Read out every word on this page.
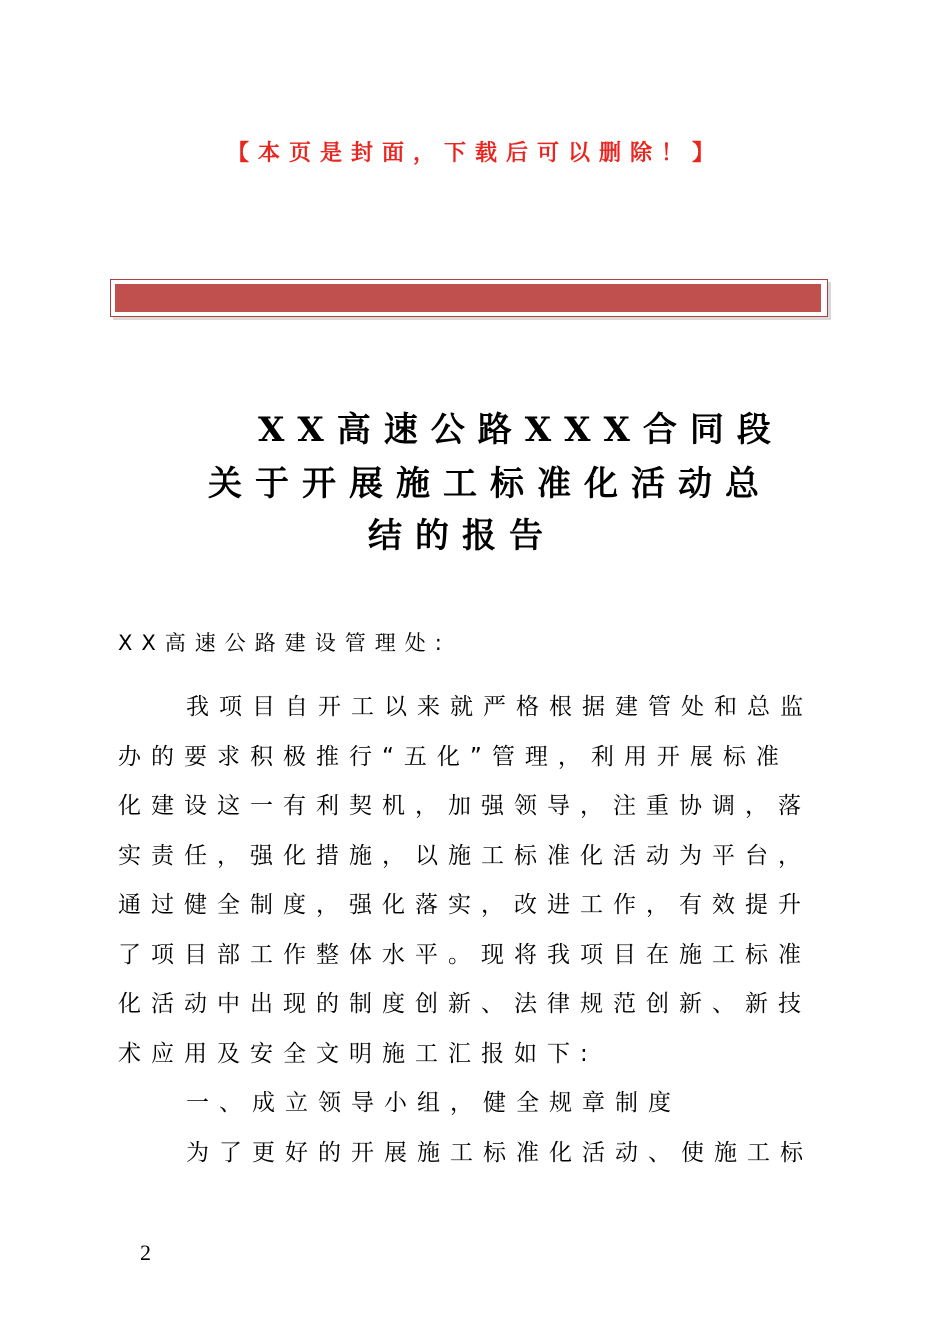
【本页是封面，下载后可以删除！】
XX高速公路XXX合同段
关于开展施工标准化活动总
结的报告
XX高速公路建设管理处:
我项目自开工以来就严格根据建管处和总监
办的要求积极推行“五化”管理，利用开展标准
化建设这一有利契机，加强领导，注重协调，落
实责任，强化措施，以施工标准化活动为平台，
通过健全制度，强化落实，改进工作，有效提升
了项目部工作整体水平。现将我项目在施工标准
化活动中出现的制度创新、法律规范创新、新技
术应用及安全文明施工汇报如下:
一、成立领导小组，健全规章制度
为了更好的开展施工标准化活动、使施工标
2
